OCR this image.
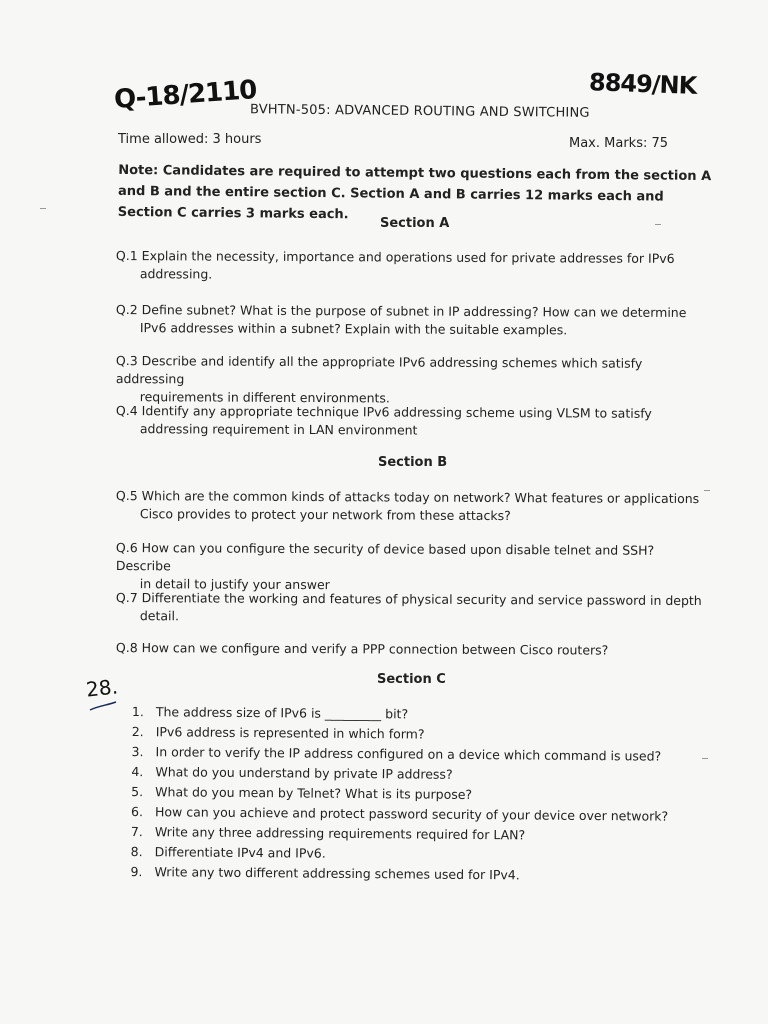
Q-18/2110	8849/NK
BVHTN-505: ADVANCED ROUTING AND SWITCHING
Time allowed: 3 hours	Max. Marks: 75
Note: Candidates are required to attempt two questions each from the section A and B and the entire section C. Section A and B carries 12 marks each and Section C carries 3 marks each.
Section A
Q.1 Explain the necessity, importance and operations used for private addresses for IPv6
addressing.
Q.2 Define subnet? What is the purpose of subnet in IP addressing? How can we determine
IPv6 addresses within a subnet? Explain with the suitable examples.
Q.3 Describe and identify all the appropriate IPv6 addressing schemes which satisfy addressing
requirements in different environments.
Q.4 Identify any appropriate technique IPv6 addressing scheme using VLSM to satisfy
addressing requirement in LAN environment
Section B
Q.5 Which are the common kinds of attacks today on network? What features or applications
Cisco provides to protect your network from these attacks?
Q.6 How can you configure the security of device based upon disable telnet and SSH? Describe
in detail to justify your answer
Q.7 Differentiate the working and features of physical security and service password in depth
detail.
Q.8 How can we configure and verify a PPP connection between Cisco routers?
Section C
28.
1. The address size of IPv6 is _________ bit?
2. IPv6 address is represented in which form?
3. In order to verify the IP address configured on a device which command is used?
4. What do you understand by private IP address?
5. What do you mean by Telnet? What is its purpose?
6. How can you achieve and protect password security of your device over network?
7. Write any three addressing requirements required for LAN?
8. Differentiate IPv4 and IPv6.
9. Write any two different addressing schemes used for IPv4.
